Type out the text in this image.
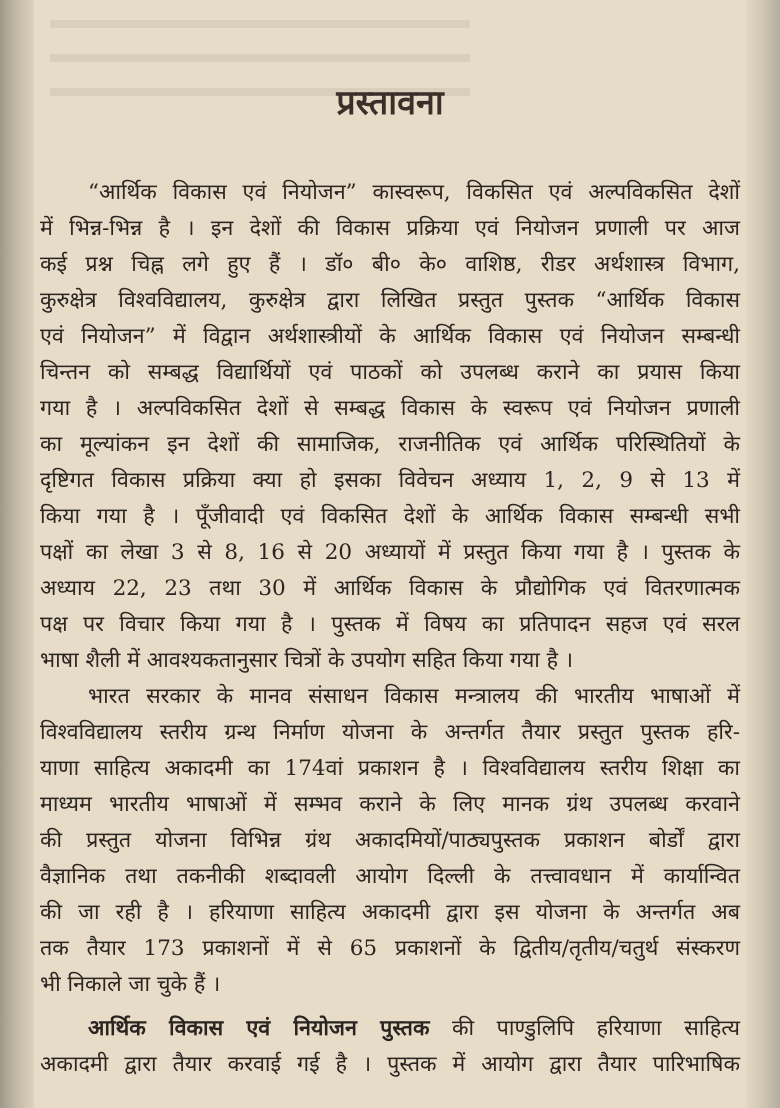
प्रस्तावना
“आर्थिक विकास एवं नियोजन” कास्वरूप, विकसित एवं अल्पविकसित देशों
में भिन्न-भिन्न है । इन देशों की विकास प्रक्रिया एवं नियोजन प्रणाली पर आज
कई प्रश्न चिह्न लगे हुए हैं । डॉ० बी० के० वाशिष्ठ, रीडर अर्थशास्त्र विभाग,
कुरुक्षेत्र विश्वविद्यालय, कुरुक्षेत्र द्वारा लिखित प्रस्तुत पुस्तक “आर्थिक विकास
एवं नियोजन” में विद्वान अर्थशास्त्रीयों के आर्थिक विकास एवं नियोजन सम्बन्धी
चिन्तन को सम्बद्ध विद्यार्थियों एवं पाठकों को उपलब्ध कराने का प्रयास किया
गया है । अल्पविकसित देशों से सम्बद्ध विकास के स्वरूप एवं नियोजन प्रणाली
का मूल्यांकन इन देशों की सामाजिक, राजनीतिक एवं आर्थिक परिस्थितियों के
दृष्टिगत विकास प्रक्रिया क्या हो इसका विवेचन अध्याय 1, 2, 9 से 13 में
किया गया है । पूँजीवादी एवं विकसित देशों के आर्थिक विकास सम्बन्धी सभी
पक्षों का लेखा 3 से 8, 16 से 20 अध्यायों में प्रस्तुत किया गया है । पुस्तक के
अध्याय 22, 23 तथा 30 में आर्थिक विकास के प्रौद्योगिक एवं वितरणात्मक
पक्ष पर विचार किया गया है । पुस्तक में विषय का प्रतिपादन सहज एवं सरल
भाषा शैली में आवश्यकतानुसार चित्रों के उपयोग सहित किया गया है ।
भारत सरकार के मानव संसाधन विकास मन्त्रालय की भारतीय भाषाओं में
विश्वविद्यालय स्तरीय ग्रन्थ निर्माण योजना के अन्तर्गत तैयार प्रस्तुत पुस्तक हरि-
याणा साहित्य अकादमी का 174वां प्रकाशन है । विश्वविद्यालय स्तरीय शिक्षा का
माध्यम भारतीय भाषाओं में सम्भव कराने के लिए मानक ग्रंथ उपलब्ध करवाने
की प्रस्तुत योजना विभिन्न ग्रंथ अकादमियों/पाठ्यपुस्तक प्रकाशन बोर्डों द्वारा
वैज्ञानिक तथा तकनीकी शब्दावली आयोग दिल्ली के तत्त्वावधान में कार्यान्वित
की जा रही है । हरियाणा साहित्य अकादमी द्वारा इस योजना के अन्तर्गत अब
तक तैयार 173 प्रकाशनों में से 65 प्रकाशनों के द्वितीय/तृतीय/चतुर्थ संस्करण
भी निकाले जा चुके हैं ।
आर्थिक विकास एवं नियोजन पुस्तक की पाण्डुलिपि हरियाणा साहित्य
अकादमी द्वारा तैयार करवाई गई है । पुस्तक में आयोग द्वारा तैयार पारिभाषिक
